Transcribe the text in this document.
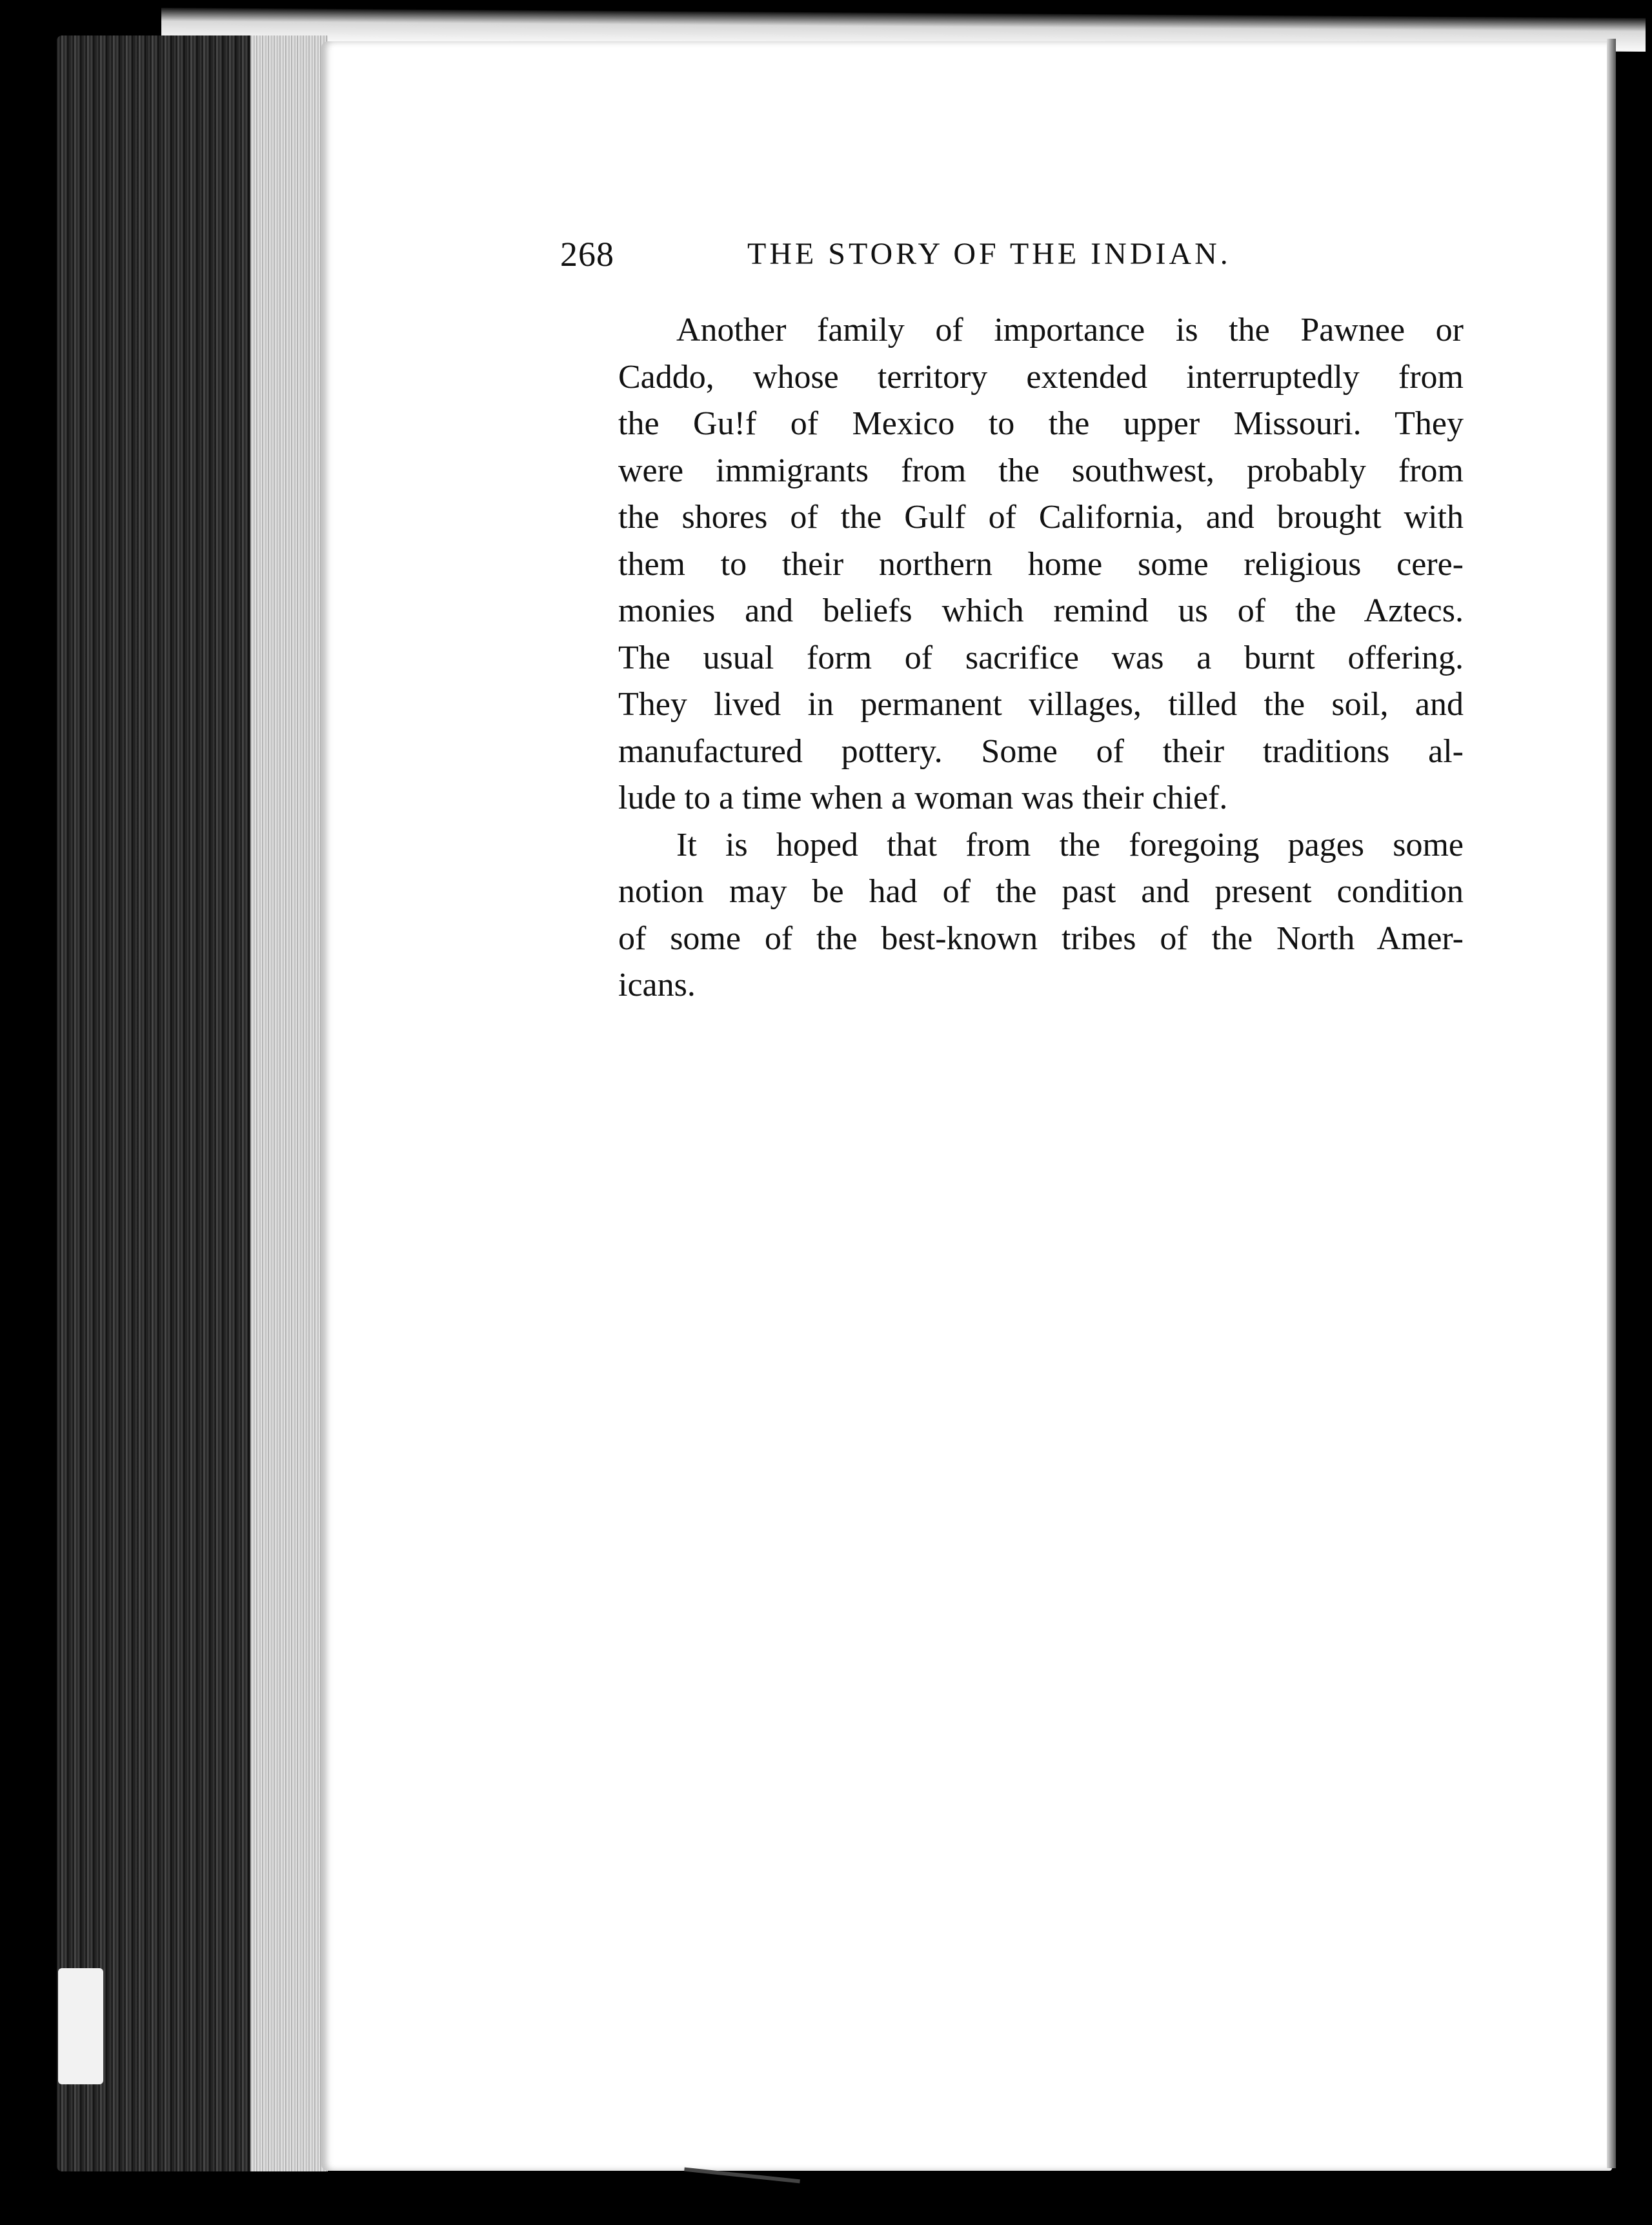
268	THE STORY OF THE INDIAN.
Another family of importance is the Pawnee or
Caddo, whose territory extended interruptedly from
the Gu!f of Mexico to the upper Missouri. They
were immigrants from the southwest, probably from
the shores of the Gulf of California, and brought with
them to their northern home some religious cere-
monies and beliefs which remind us of the Aztecs.
The usual form of sacrifice was a burnt offering.
They lived in permanent villages, tilled the soil, and
manufactured pottery. Some of their traditions al-
lude to a time when a woman was their chief.
It is hoped that from the foregoing pages some
notion may be had of the past and present condition
of some of the best-known tribes of the North Amer-
icans.
